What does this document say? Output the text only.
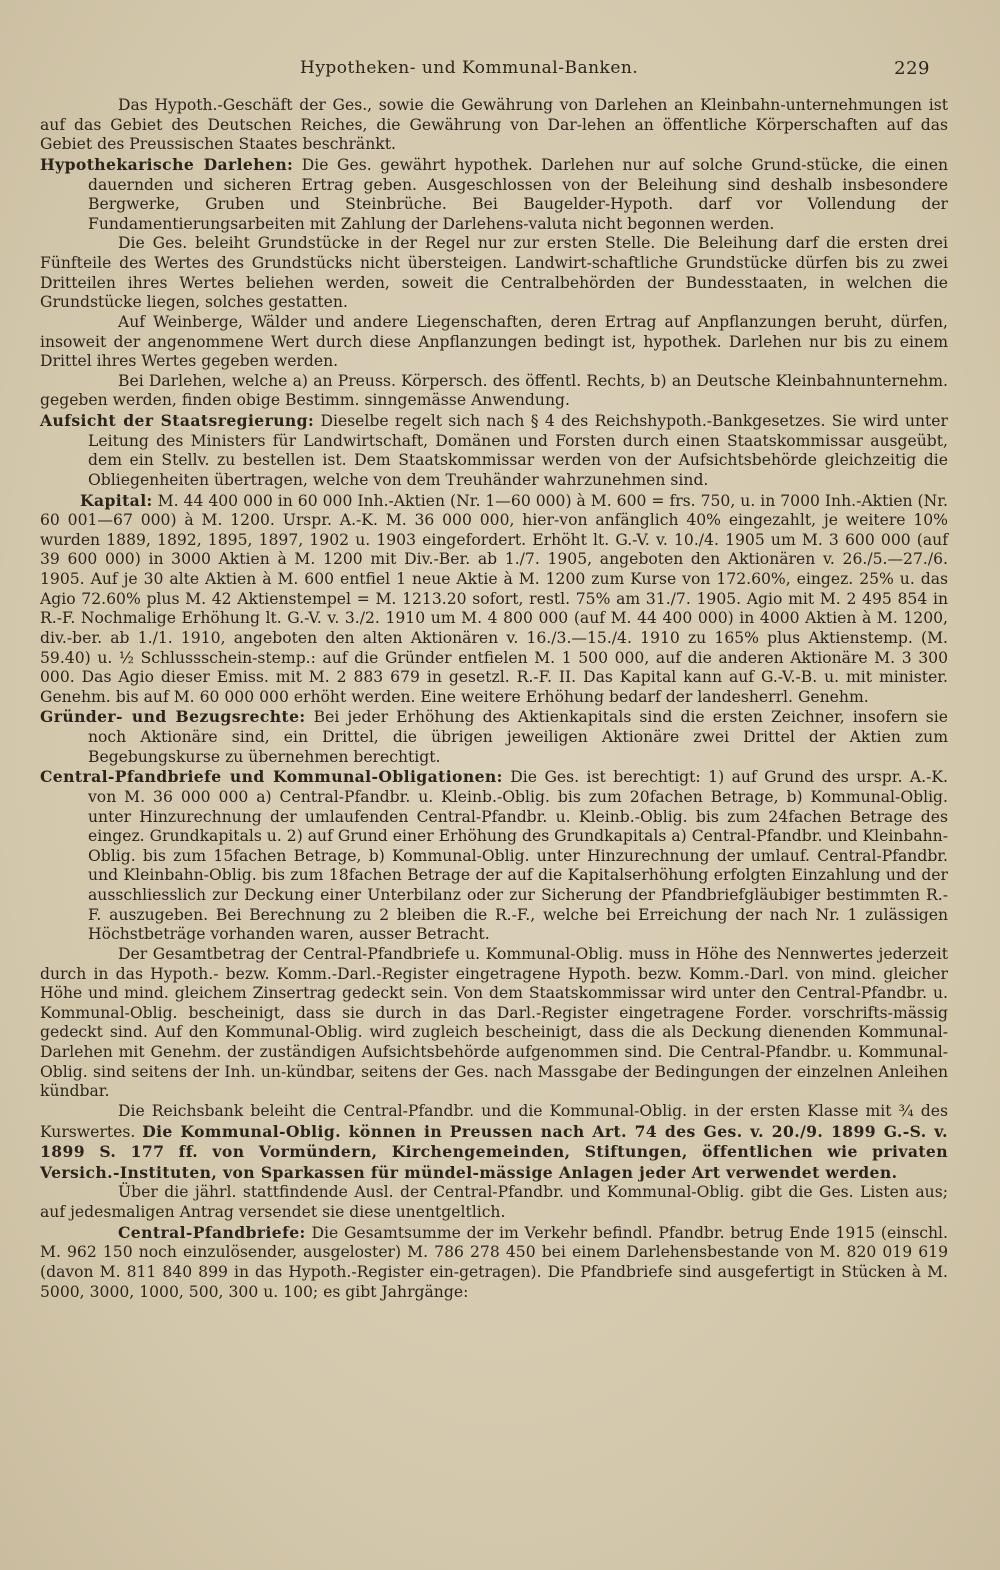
Hypotheken- und Kommunal-Banken.	229

Das Hypoth.-Geschäft der Ges., sowie die Gewährung von Darlehen an Kleinbahn-unternehmungen ist auf das Gebiet des Deutschen Reiches, die Gewährung von Dar-lehen an öffentliche Körperschaften auf das Gebiet des Preussischen Staates beschränkt.

Hypothekarische Darlehen: Die Ges. gewährt hypothek. Darlehen nur auf solche Grund-stücke, die einen dauernden und sicheren Ertrag geben. Ausgeschlossen von der Beleihung sind deshalb insbesondere Bergwerke, Gruben und Steinbrüche. Bei Baugelder-Hypoth. darf vor Vollendung der Fundamentierungsarbeiten mit Zahlung der Darlehens-valuta nicht begonnen werden.

Die Ges. beleiht Grundstücke in der Regel nur zur ersten Stelle. Die Beleihung darf die ersten drei Fünfteile des Wertes des Grundstücks nicht übersteigen. Landwirt-schaftliche Grundstücke dürfen bis zu zwei Dritteilen ihres Wertes beliehen werden, soweit die Centralbehörden der Bundesstaaten, in welchen die Grundstücke liegen, solches gestatten.

Auf Weinberge, Wälder und andere Liegenschaften, deren Ertrag auf Anpflanzungen beruht, dürfen, insoweit der angenommene Wert durch diese Anpflanzungen bedingt ist, hypothek. Darlehen nur bis zu einem Drittel ihres Wertes gegeben werden.

Bei Darlehen, welche a) an Preuss. Körpersch. des öffentl. Rechts, b) an Deutsche Kleinbahnunternehm. gegeben werden, finden obige Bestimm. sinngemässe Anwendung.

Aufsicht der Staatsregierung: Dieselbe regelt sich nach § 4 des Reichshypoth.-Bankgesetzes. Sie wird unter Leitung des Ministers für Landwirtschaft, Domänen und Forsten durch einen Staatskommissar ausgeübt, dem ein Stellv. zu bestellen ist. Dem Staatskommissar werden von der Aufsichtsbehörde gleichzeitig die Obliegenheiten übertragen, welche von dem Treuhänder wahrzunehmen sind.

Kapital: M. 44 400 000 in 60 000 Inh.-Aktien (Nr. 1—60 000) à M. 600 = frs. 750, u. in 7000 Inh.-Aktien (Nr. 60 001—67 000) à M. 1200. Urspr. A.-K. M. 36 000 000, hier-von anfänglich 40% eingezahlt, je weitere 10% wurden 1889, 1892, 1895, 1897, 1902 u. 1903 eingefordert. Erhöht lt. G.-V. v. 10./4. 1905 um M. 3 600 000 (auf 39 600 000) in 3000 Aktien à M. 1200 mit Div.-Ber. ab 1./7. 1905, angeboten den Aktionären v. 26./5.—27./6. 1905. Auf je 30 alte Aktien à M. 600 entfiel 1 neue Aktie à M. 1200 zum Kurse von 172.60%, eingez. 25% u. das Agio 72.60% plus M. 42 Aktienstempel = M. 1213.20 sofort, restl. 75% am 31./7. 1905. Agio mit M. 2 495 854 in R.-F. Nochmalige Erhöhung lt. G.-V. v. 3./2. 1910 um M. 4 800 000 (auf M. 44 400 000) in 4000 Aktien à M. 1200, div.-ber. ab 1./1. 1910, angeboten den alten Aktionären v. 16./3.—15./4. 1910 zu 165% plus Aktienstemp. (M. 59.40) u. ½ Schlussschein-stemp.: auf die Gründer entfielen M. 1 500 000, auf die anderen Aktionäre M. 3 300 000. Das Agio dieser Emiss. mit M. 2 883 679 in gesetzl. R.-F. II. Das Kapital kann auf G.-V.-B. u. mit minister. Genehm. bis auf M. 60 000 000 erhöht werden. Eine weitere Erhöhung bedarf der landesherrl. Genehm.

Gründer- und Bezugsrechte: Bei jeder Erhöhung des Aktienkapitals sind die ersten Zeichner, insofern sie noch Aktionäre sind, ein Drittel, die übrigen jeweiligen Aktionäre zwei Drittel der Aktien zum Begebungskurse zu übernehmen berechtigt.

Central-Pfandbriefe und Kommunal-Obligationen: Die Ges. ist berechtigt: 1) auf Grund des urspr. A.-K. von M. 36 000 000 a) Central-Pfandbr. u. Kleinb.-Oblig. bis zum 20fachen Betrage, b) Kommunal-Oblig. unter Hinzurechnung der umlaufenden Central-Pfandbr. u. Kleinb.-Oblig. bis zum 24fachen Betrage des eingez. Grundkapitals u. 2) auf Grund einer Erhöhung des Grundkapitals a) Central-Pfandbr. und Kleinbahn-Oblig. bis zum 15fachen Betrage, b) Kommunal-Oblig. unter Hinzurechnung der umlauf. Central-Pfandbr. und Kleinbahn-Oblig. bis zum 18fachen Betrage der auf die Kapitalserhöhung erfolgten Einzahlung und der ausschliesslich zur Deckung einer Unterbilanz oder zur Sicherung der Pfandbriefgläubiger bestimmten R.-F. auszugeben. Bei Berechnung zu 2 bleiben die R.-F., welche bei Erreichung der nach Nr. 1 zulässigen Höchstbeträge vorhanden waren, ausser Betracht.

Der Gesamtbetrag der Central-Pfandbriefe u. Kommunal-Oblig. muss in Höhe des Nennwertes jederzeit durch in das Hypoth.- bezw. Komm.-Darl.-Register eingetragene Hypoth. bezw. Komm.-Darl. von mind. gleicher Höhe und mind. gleichem Zinsertrag gedeckt sein. Von dem Staatskommissar wird unter den Central-Pfandbr. u. Kommunal-Oblig. bescheinigt, dass sie durch in das Darl.-Register eingetragene Forder. vorschrifts-mässig gedeckt sind. Auf den Kommunal-Oblig. wird zugleich bescheinigt, dass die als Deckung dienenden Kommunal-Darlehen mit Genehm. der zuständigen Aufsichtsbehörde aufgenommen sind. Die Central-Pfandbr. u. Kommunal-Oblig. sind seitens der Inh. un-kündbar, seitens der Ges. nach Massgabe der Bedingungen der einzelnen Anleihen kündbar.

Die Reichsbank beleiht die Central-Pfandbr. und die Kommunal-Oblig. in der ersten Klasse mit ¾ des Kurswertes. Die Kommunal-Oblig. können in Preussen nach Art. 74 des Ges. v. 20./9. 1899 G.-S. v. 1899 S. 177 ff. von Vormündern, Kirchengemeinden, Stiftungen, öffentlichen wie privaten Versich.-Instituten, von Sparkassen für mündel-mässige Anlagen jeder Art verwendet werden.

Über die jährl. stattfindende Ausl. der Central-Pfandbr. und Kommunal-Oblig. gibt die Ges. Listen aus; auf jedesmaligen Antrag versendet sie diese unentgeltlich.

Central-Pfandbriefe: Die Gesamtsumme der im Verkehr befindl. Pfandbr. betrug Ende 1915 (einschl. M. 962 150 noch einzulösender, ausgeloster) M. 786 278 450 bei einem Darlehensbestande von M. 820 019 619 (davon M. 811 840 899 in das Hypoth.-Register ein-getragen). Die Pfandbriefe sind ausgefertigt in Stücken à M. 5000, 3000, 1000, 500, 300 u. 100; es gibt Jahrgänge:
